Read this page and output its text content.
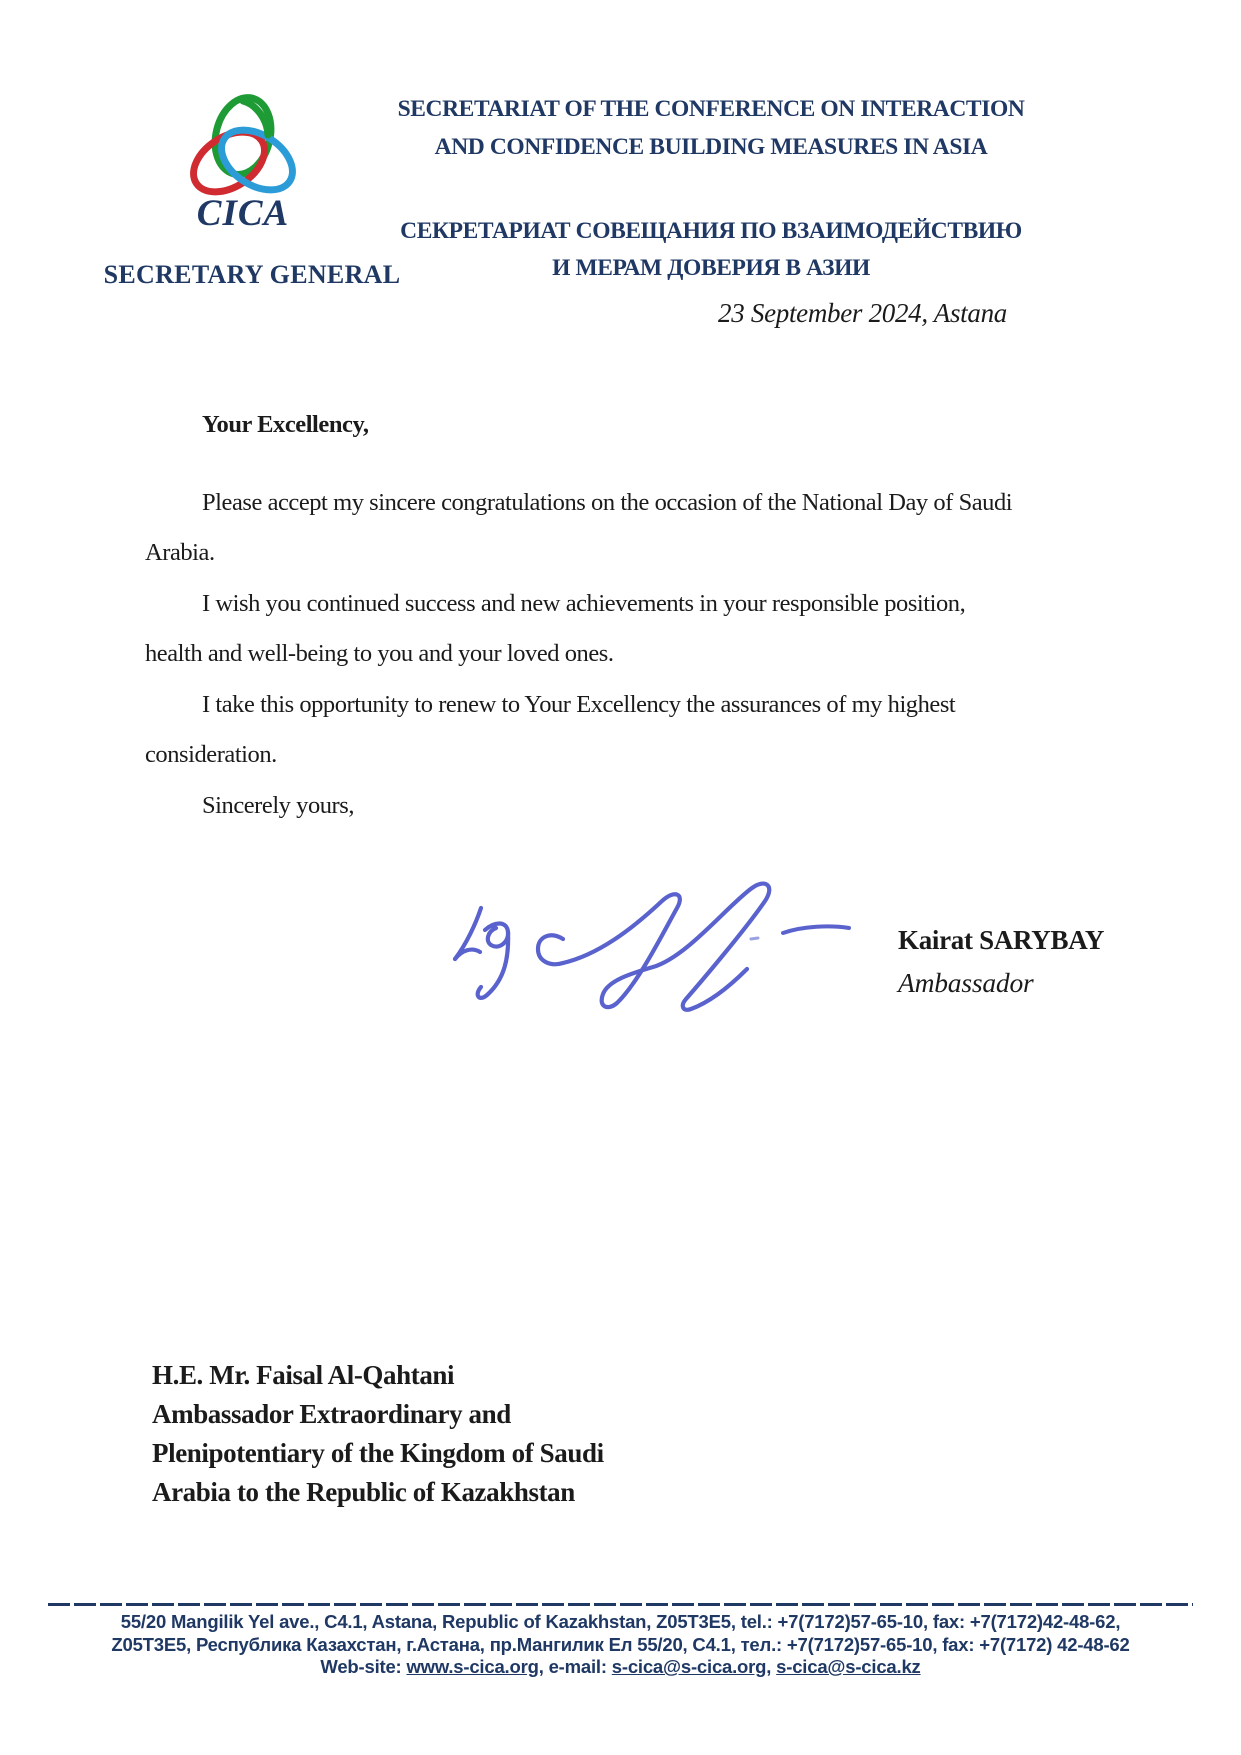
CICA
SECRETARY GENERAL
SECRETARIAT OF THE CONFERENCE ON INTERACTION
AND CONFIDENCE BUILDING MEASURES IN ASIA
СЕКРЕТАРИАТ СОВЕЩАНИЯ ПО ВЗАИМОДЕЙСТВИЮ
И МЕРАМ ДОВЕРИЯ В АЗИИ
23 September 2024, Astana

Your Excellency,

Please accept my sincere congratulations on the occasion of the National Day of Saudi Arabia.

I wish you continued success and new achievements in your responsible position, health and well-being to you and your loved ones.

I take this opportunity to renew to Your Excellency the assurances of my highest consideration.

Sincerely yours,

Kairat SARYBAY

Ambassador

H.E. Mr. Faisal Al-Qahtani
Ambassador Extraordinary and
Plenipotentiary of the Kingdom of Saudi
Arabia to the Republic of Kazakhstan
55/20 Mangilik Yel ave., C4.1, Astana, Republic of Kazakhstan, Z05T3E5, tel.: +7(7172)57-65-10, fax: +7(7172)42-48-62,
Z05T3E5, Республика Казахстан, г.Астана, пр.Мангилик Ел 55/20, С4.1, тел.: +7(7172)57-65-10, fax: +7(7172) 42-48-62
Web-site: www.s-cica.org, e-mail: s-cica@s-cica.org, s-cica@s-cica.kz
